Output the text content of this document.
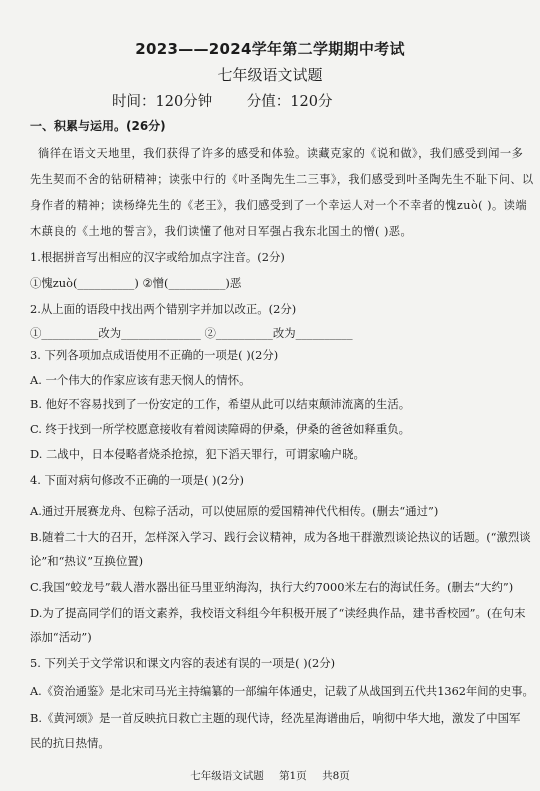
2023——2024学年第二学期期中考试
七年级语文试题
时间：120分钟 分值：120分
一、积累与运用。(26分)
徜徉在语文天地里，我们获得了许多的感受和体验。读藏克家的《说和做》，我们感受到闻一多
先生契而不舍的钻研精神；读张中行的《叶圣陶先生二三事》，我们感受到叶圣陶先生不耻下问、以
身作者的精神；读杨绛先生的《老王》，我们感受到了一个幸运人对一个不幸者的愧zuò( )。读端
木蕻良的《土地的誓言》，我们读懂了他对日军强占我东北国土的憎( )恶。
1.根据拼音写出相应的汉字或给加点字注音。(2分)
①愧zuò(__________) ②憎(__________)恶
2.从上面的语段中找出两个错别字并加以改正。(2分)
①__________改为______________ ②__________改为__________
3. 下列各项加点成语使用不正确的一项是( )(2分)
A. 一个伟大的作家应该有悲天悯人的情怀。
B. 他好不容易找到了一份安定的工作，希望从此可以结束颠沛流离的生活。
C. 终于找到一所学校愿意接收有着阅读障碍的伊桑，伊桑的爸爸如释重负。
D. 二战中，日本侵略者烧杀抢掠，犯下滔天罪行，可谓家喻户晓。
4. 下面对病句修改不正确的一项是( )(2分)
A.通过开展赛龙舟、包粽子活动，可以使屈原的爱国精神代代相传。(删去“通过”)
B.随着二十大的召开，怎样深入学习、践行会议精神，成为各地干群激烈谈论热议的话题。(“激烈谈
论”和“热议”互换位置)
C.我国“蛟龙号”载人潜水器出征马里亚纳海沟，执行大约7000米左右的海试任务。(删去“大约”)
D.为了提高同学们的语文素养，我校语文科组今年积极开展了“读经典作品，建书香校园”。(在句末
添加“活动”)
5. 下列关于文学常识和课文内容的表述有误的一项是( )(2分)
A.《资治通鉴》是北宋司马光主持编纂的一部编年体通史，记载了从战国到五代共1362年间的史事。
B.《黄河颂》是一首反映抗日救亡主题的现代诗，经冼星海谱曲后，响彻中华大地，激发了中国军
民的抗日热情。
七年级语文试题 第1页 共8页
